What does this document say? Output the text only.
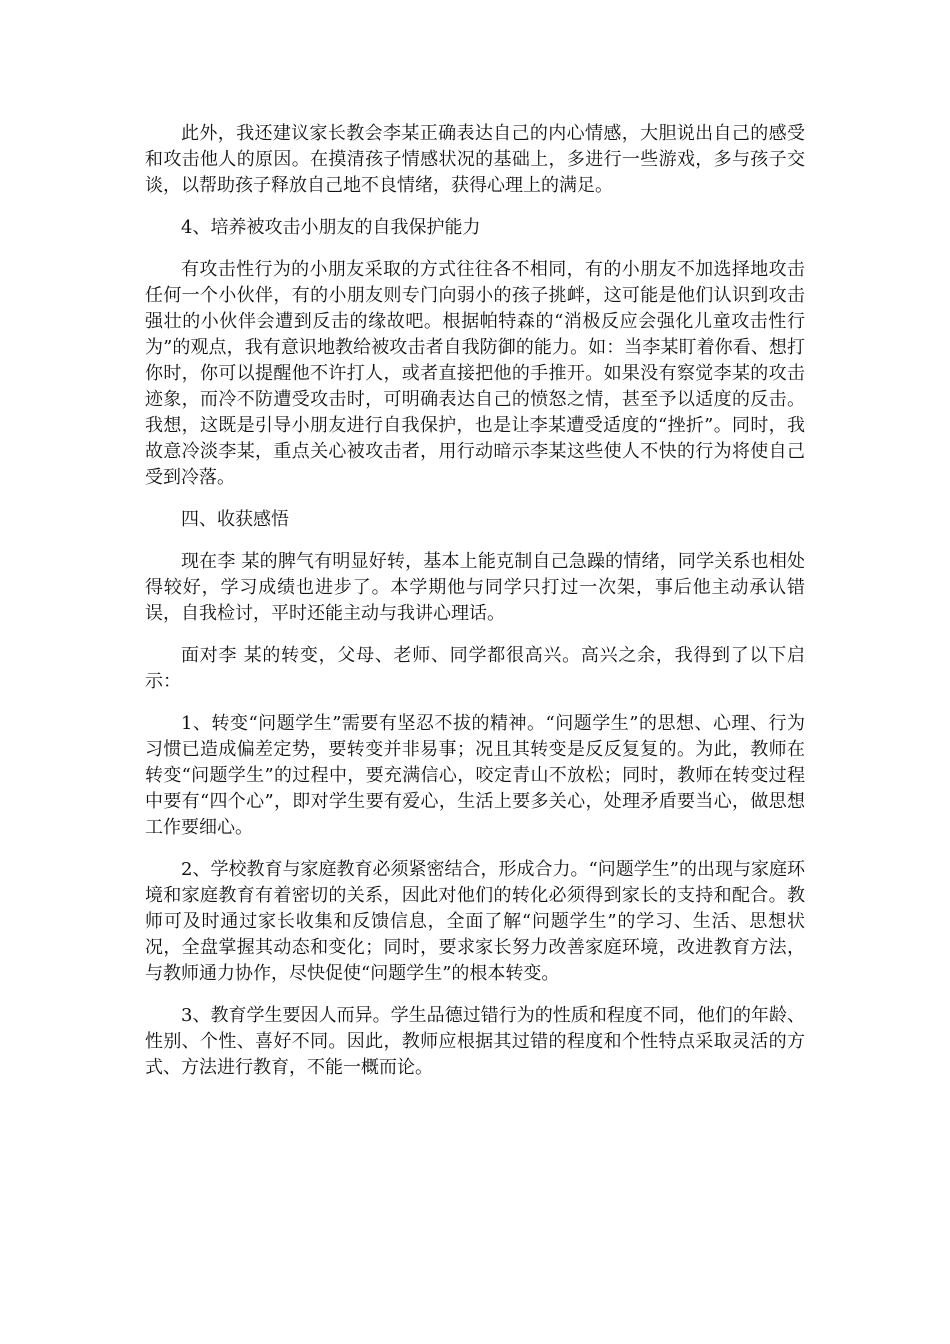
此外，我还建议家长教会李某正确表达自己的内心情感，大胆说出自己的感受和攻击他人的原因。在摸清孩子情感状况的基础上，多进行一些游戏，多与孩子交谈，以帮助孩子释放自己地不良情绪，获得心理上的满足。

4、培养被攻击小朋友的自我保护能力

有攻击性行为的小朋友采取的方式往往各不相同，有的小朋友不加选择地攻击任何一个小伙伴，有的小朋友则专门向弱小的孩子挑衅，这可能是他们认识到攻击强壮的小伙伴会遭到反击的缘故吧。根据帕特森的“消极反应会强化儿童攻击性行为”的观点，我有意识地教给被攻击者自我防御的能力。如：当李某盯着你看、想打你时，你可以提醒他不许打人，或者直接把他的手推开。如果没有察觉李某的攻击迹象，而冷不防遭受攻击时，可明确表达自己的愤怒之情，甚至予以适度的反击。我想，这既是引导小朋友进行自我保护，也是让李某遭受适度的“挫折”。同时，我故意冷淡李某，重点关心被攻击者，用行动暗示李某这些使人不快的行为将使自己受到冷落。

四、收获感悟

现在李 某的脾气有明显好转，基本上能克制自己急躁的情绪，同学关系也相处得较好，学习成绩也进步了。本学期他与同学只打过一次架，事后他主动承认错误，自我检讨，平时还能主动与我讲心理话。

面对李 某的转变，父母、老师、同学都很高兴。高兴之余，我得到了以下启示：

1、转变“问题学生”需要有坚忍不拔的精神。“问题学生”的思想、心理、行为习惯已造成偏差定势，要转变并非易事；况且其转变是反反复复的。为此，教师在转变“问题学生”的过程中，要充满信心，咬定青山不放松；同时，教师在转变过程中要有“四个心”，即对学生要有爱心，生活上要多关心，处理矛盾要当心，做思想工作要细心。

2、学校教育与家庭教育必须紧密结合，形成合力。“问题学生”的出现与家庭环境和家庭教育有着密切的关系，因此对他们的转化必须得到家长的支持和配合。教师可及时通过家长收集和反馈信息，全面了解“问题学生”的学习、生活、思想状况，全盘掌握其动态和变化；同时，要求家长努力改善家庭环境，改进教育方法，与教师通力协作，尽快促使“问题学生”的根本转变。

3、教育学生要因人而异。学生品德过错行为的性质和程度不同，他们的年龄、性别、个性、喜好不同。因此，教师应根据其过错的程度和个性特点采取灵活的方式、方法进行教育，不能一概而论。
